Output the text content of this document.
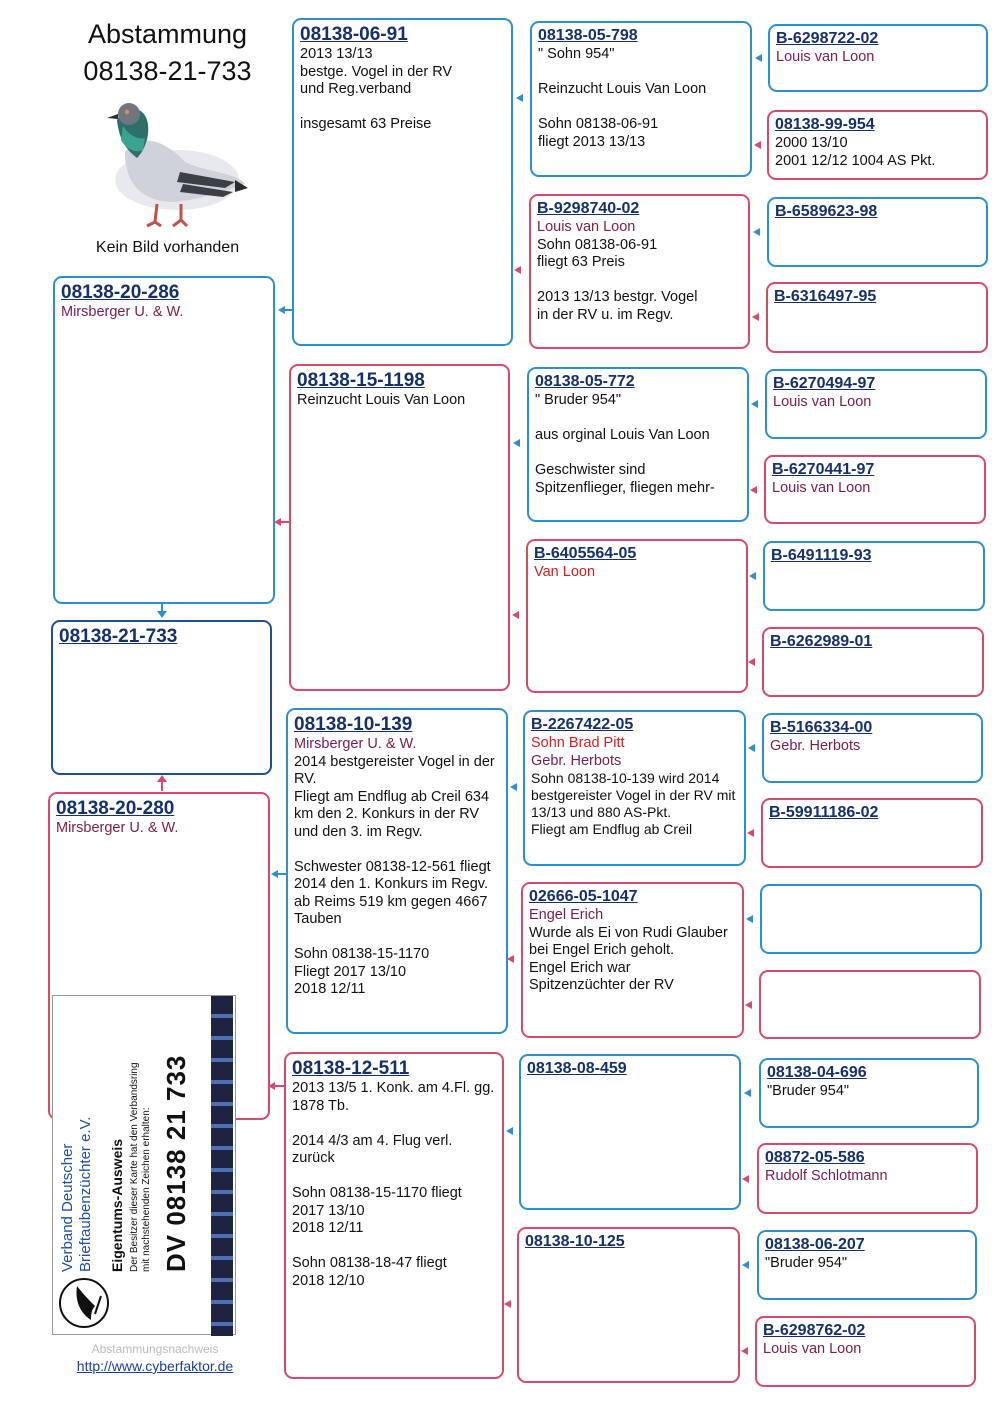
Abstammung
08138-21-733
Kein Bild vorhanden
08138-20-286
Mirsberger U. & W.
08138-21-733
08138-20-280
Mirsberger U. & W.
08138-06-91
2013 13/13
bestge. Vogel in der RV
und Reg.verband

insgesamt 63 Preise
08138-15-1198
Reinzucht Louis Van Loon
08138-10-139
Mirsberger U. & W.
2014 bestgereister Vogel in der RV.
Fliegt am Endflug ab Creil 634 km den 2. Konkurs in der RV und den 3. im Regv.

Schwester 08138-12-561 fliegt 2014 den 1. Konkurs im Regv. ab Reims 519 km gegen 4667 Tauben

Sohn 08138-15-1170
Fliegt 2017 13/10
2018 12/11
08138-12-511
2013 13/5 1. Konk. am 4.Fl. gg. 1878 Tb.

2014 4/3 am 4. Flug verl. zurück

Sohn 08138-15-1170 fliegt
2017 13/10
2018 12/11

Sohn 08138-18-47 fliegt
2018 12/10
08138-05-798
" Sohn 954"

Reinzucht Louis Van Loon

Sohn 08138-06-91
fliegt 2013 13/13
B-9298740-02
Louis van Loon
Sohn 08138-06-91
fliegt 63 Preis

2013 13/13 bestgr. Vogel
in der RV u. im Regv.
08138-05-772
" Bruder 954"

aus orginal Louis Van Loon

Geschwister sind
Spitzenflieger, fliegen mehr-
B-6405564-05
Van Loon
B-2267422-05
Sohn Brad Pitt
Gebr. Herbots
Sohn 08138-10-139 wird 2014 bestgereister Vogel in der RV mit 13/13 und 880 AS-Pkt.
Fliegt am Endflug ab Creil
02666-05-1047
Engel Erich
Wurde als Ei von Rudi Glauber
bei Engel Erich geholt.
Engel Erich war
Spitzenzüchter der RV
08138-08-459
08138-10-125
B-6298722-02
Louis van Loon
08138-99-954
2000 13/10
2001 12/12 1004 AS Pkt.
B-6589623-98
B-6316497-95
B-6270494-97
Louis van Loon
B-6270441-97
Louis van Loon
B-6491119-93
B-6262989-01
B-5166334-00
Gebr. Herbots
B-59911186-02
08138-04-696
"Bruder 954"
08872-05-586
Rudolf Schlotmann
08138-06-207
"Bruder 954"
B-6298762-02
Louis van Loon
Verband Deutscher Brieftaubenzüchter e.V. Eigentums-Ausweis Der Besitzer dieser Karte hat den Verbandsring mit nachstehenden Zeichen erhalten: DV 08138 21 733
Abstammungsnachweis
http://www.cyberfaktor.de
